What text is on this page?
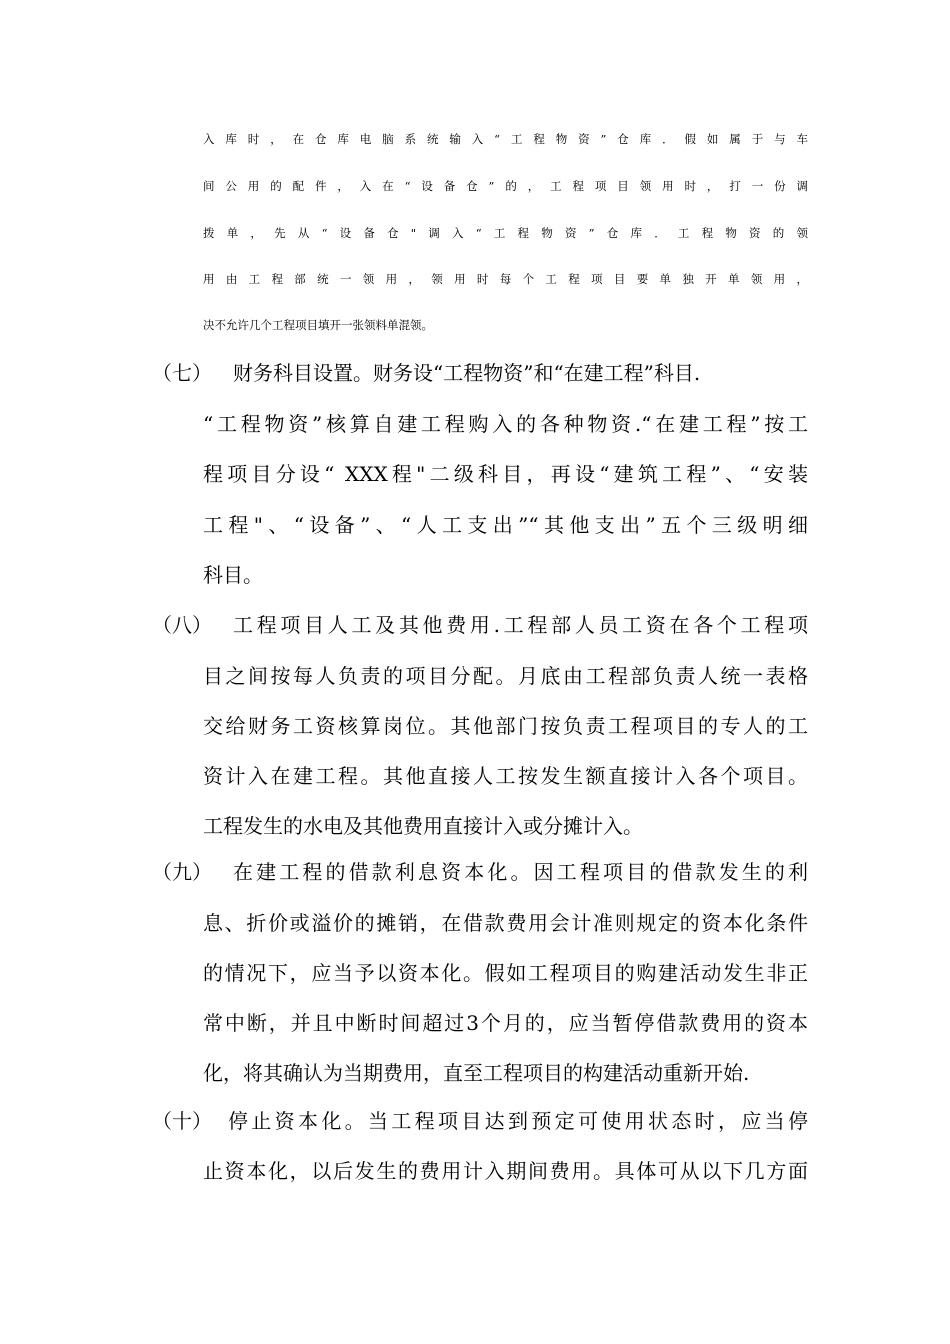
入库时，在仓库电脑系统输入“工程物资”仓库．假如属于与车
间公用的配件，入在“设备仓”的，工程项目领用时，打一份调
拨单，先从“设备仓"调入“工程物资”仓库．工程物资的领
用由工程部统一领用，领用时每个工程项目要单独开单领用，
决不允许几个工程项目填开一张领料单混领。
（七） 财务科目设置。财务设“工程物资”和“在建工程”科目.
“工程物资”核算自建工程购入的各种物资.“在建工程”按工
程项目分设“ XXX程"二级科目，再设“建筑工程”、“安装
工程"、“设备”、“人工支出”“其他支出”五个三级明细
科目。
（八） 工程项目人工及其他费用.工程部人员工资在各个工程项
目之间按每人负责的项目分配。月底由工程部负责人统一表格
交给财务工资核算岗位。其他部门按负责工程项目的专人的工
资计入在建工程。其他直接人工按发生额直接计入各个项目。
工程发生的水电及其他费用直接计入或分摊计入。
（九） 在建工程的借款利息资本化。因工程项目的借款发生的利
息、折价或溢价的摊销，在借款费用会计准则规定的资本化条件
的情况下，应当予以资本化。假如工程项目的购建活动发生非正
常中断，并且中断时间超过3个月的，应当暂停借款费用的资本
化，将其确认为当期费用，直至工程项目的构建活动重新开始.
（十） 停止资本化。当工程项目达到预定可使用状态时，应当停
止资本化，以后发生的费用计入期间费用。具体可从以下几方面
